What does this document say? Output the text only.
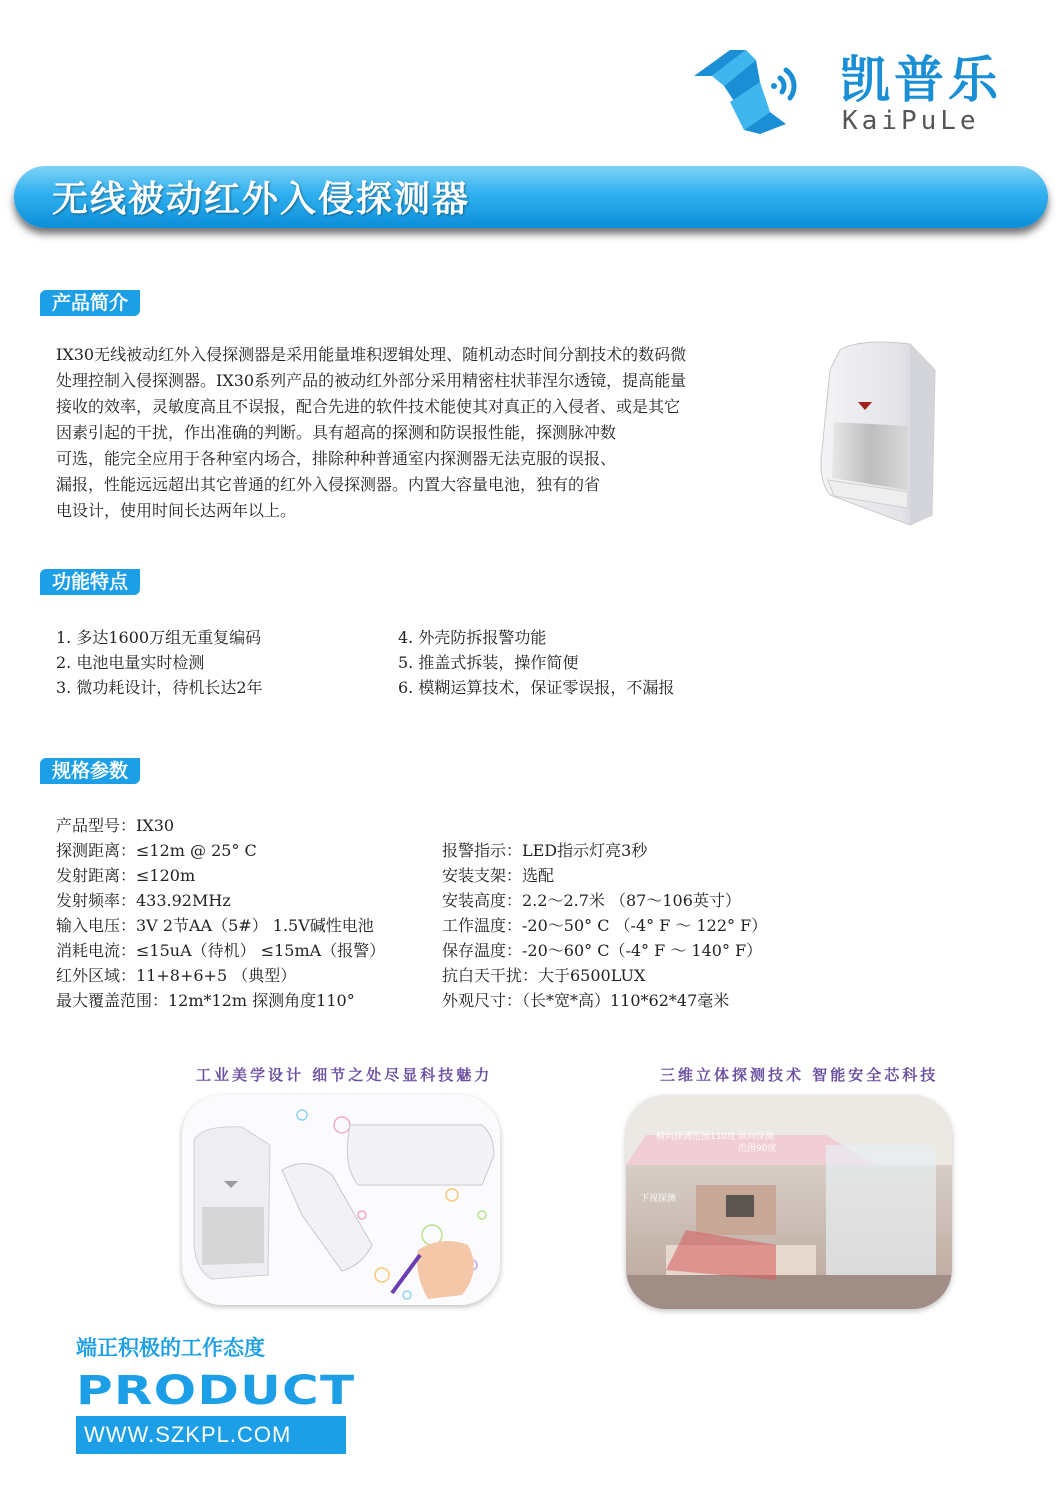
凯普乐
KaiPuLe
无线被动红外入侵探测器
产品简介
IX30无线被动红外入侵探测器是采用能量堆积逻辑处理、随机动态时间分割技术的数码微
处理控制入侵探测器。IX30系列产品的被动红外部分采用精密柱状菲涅尔透镜，提高能量
接收的效率，灵敏度高且不误报，配合先进的软件技术能使其对真正的入侵者、或是其它
因素引起的干扰，作出准确的判断。具有超高的探测和防误报性能，探测脉冲数
可选，能完全应用于各种室内场合，排除种种普通室内探测器无法克服的误报、
漏报，性能远远超出其它普通的红外入侵探测器。内置大容量电池，独有的省
电设计，使用时间长达两年以上。
功能特点
1. 多达1600万组无重复编码
2. 电池电量实时检测
3. 微功耗设计，待机长达2年
4. 外壳防拆报警功能
5. 推盖式拆装，操作简便
6. 模糊运算技术，保证零误报，不漏报
规格参数
产品型号：IX30
探测距离：≤12m @ 25° C
发射距离：≤120m
发射频率：433.92MHz
输入电压：3V 2节AA（5#） 1.5V碱性电池
消耗电流：≤15uA（待机） ≤15mA（报警）
红外区域：11+8+6+5 （典型）
最大覆盖范围：12m*12m 探测角度110°
报警指示：LED指示灯亮3秒
安装支架：选配
安装高度：2.2～2.7米 （87～106英寸）
工作温度：-20～50° C （-4° F ～ 122° F）
保存温度：-20～60° C（-4° F ～ 140° F）
抗白天干扰：大于6500LUX
外观尺寸：（长*宽*高）110*62*47毫米
工业美学设计 细节之处尽显科技魅力	三维立体探测技术 智能安全芯科技
横向探测范围110度 纵向探测
范围90度
下视探测
端正积极的工作态度
PRODUCT
WWW.SZKPL.COM
